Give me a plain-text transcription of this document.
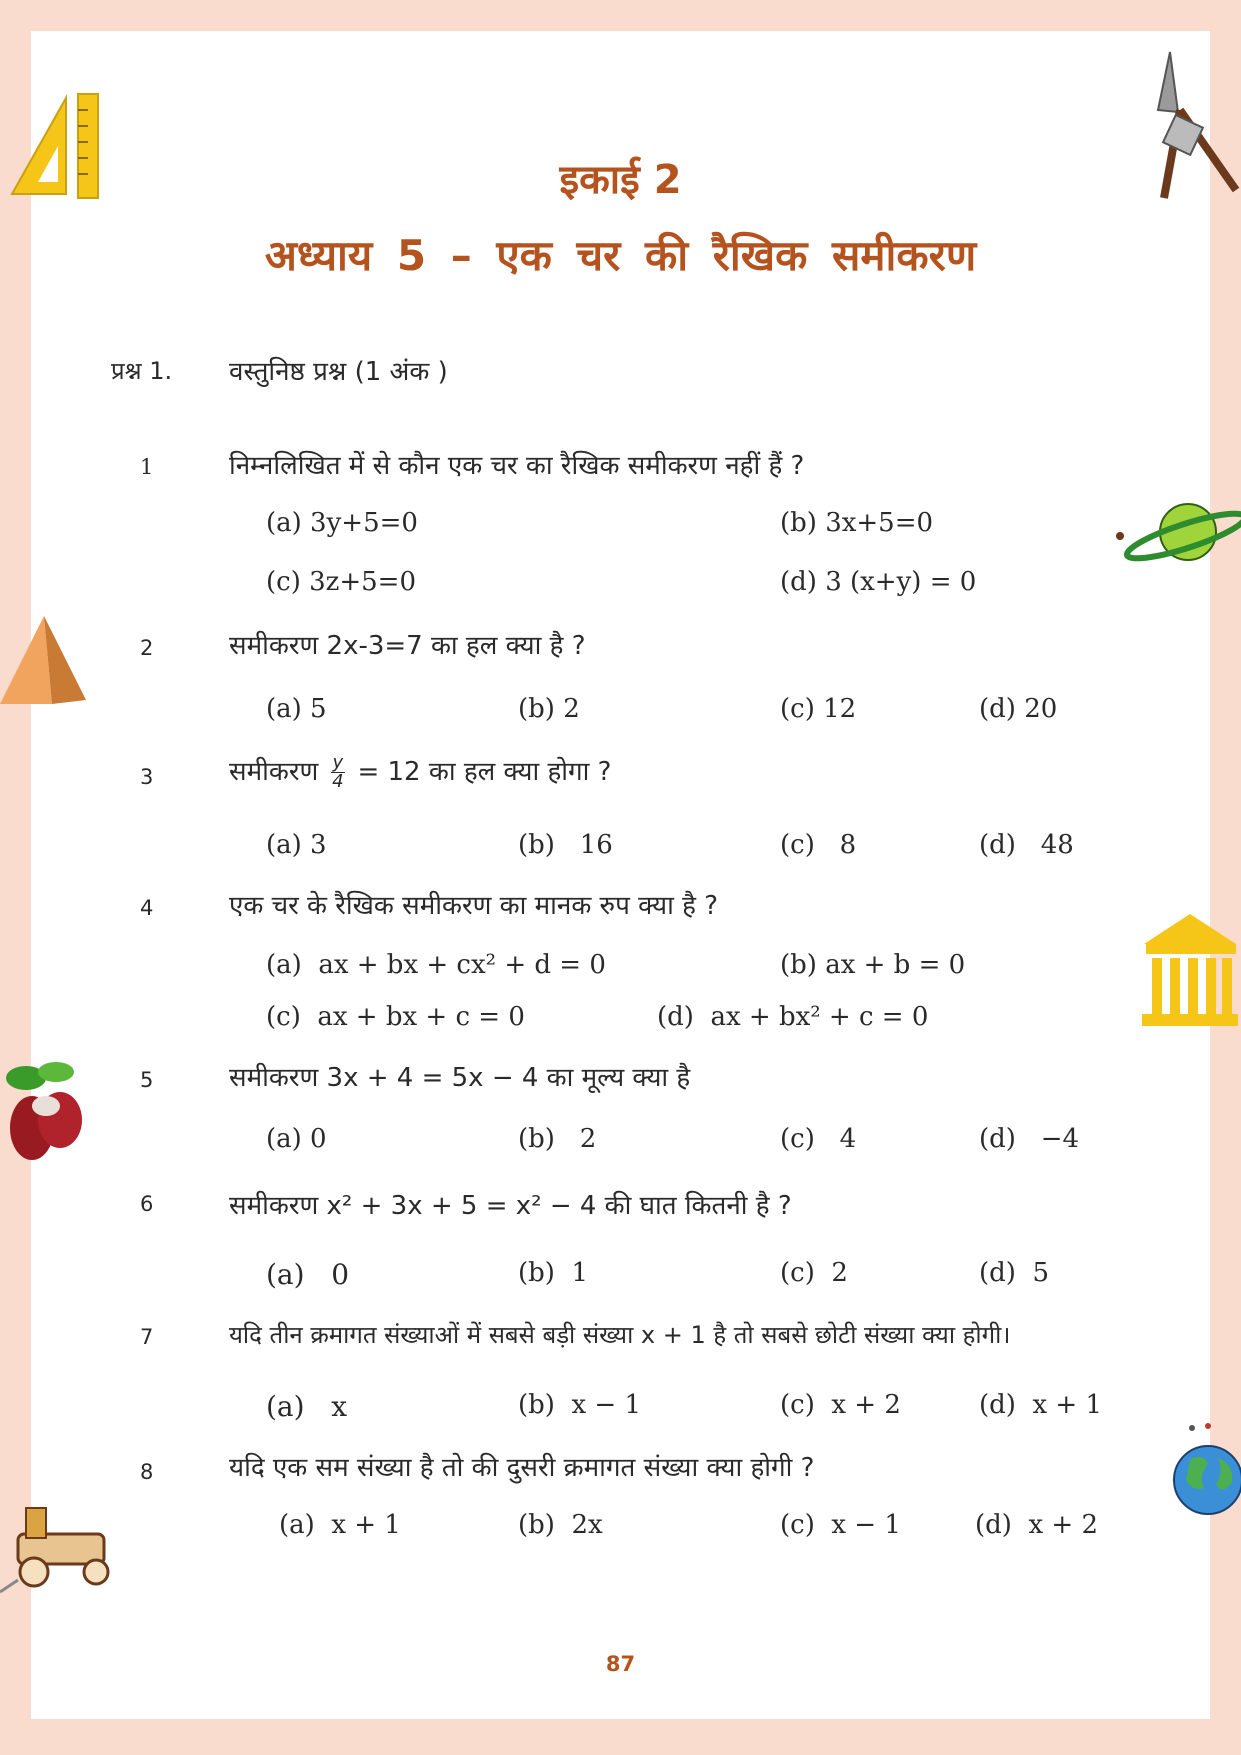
इकाई 2
अध्याय 5 – एक चर की रैखिक समीकरण
प्रश्न 1. वस्तुनिष्ठ प्रश्न (1 अंक )
1	निम्नलिखित में से कौन एक चर का रैखिक समीकरण नहीं हैं ?
(a) 3y+5=0	(b) 3x+5=0
(c) 3z+5=0	(d) 3 (x+y) = 0
2	समीकरण 2x-3=7 का हल क्या है ?
(a) 5	(b) 2	(c) 12	(d) 20
3	समीकरण $\frac{y}{4} = 12$ का हल क्या होगा ?
(a) 3	(b)   16	(c)   8	(d)   48
4	एक चर के रैखिक समीकरण का मानक रुप क्या है ?
(a)  ax + bx + cx² + d = 0	(b) ax + b = 0
(c)  ax + bx + c = 0	(d)  ax + bx² + c = 0
5	समीकरण 3x + 4 = 5x − 4 का मूल्य क्या है
(a) 0	(b)   2	(c)   4	(d)   −4
6	समीकरण x² + 3x + 5 = x² − 4 की घात कितनी है ?
(a)   0	(b)  1	(c)  2	(d)  5
7	यदि तीन क्रमागत संख्याओं में सबसे बड़ी संख्या x + 1 है तो सबसे छोटी संख्या क्या होगी।
(a)   x	(b)  x − 1	(c)  x + 2	(d)  x + 1
8	यदि एक सम संख्या है तो की दुसरी क्रमागत संख्या क्या होगी ?
(a)  x + 1	(b)  2x	(c)  x − 1	(d)  x + 2
87
